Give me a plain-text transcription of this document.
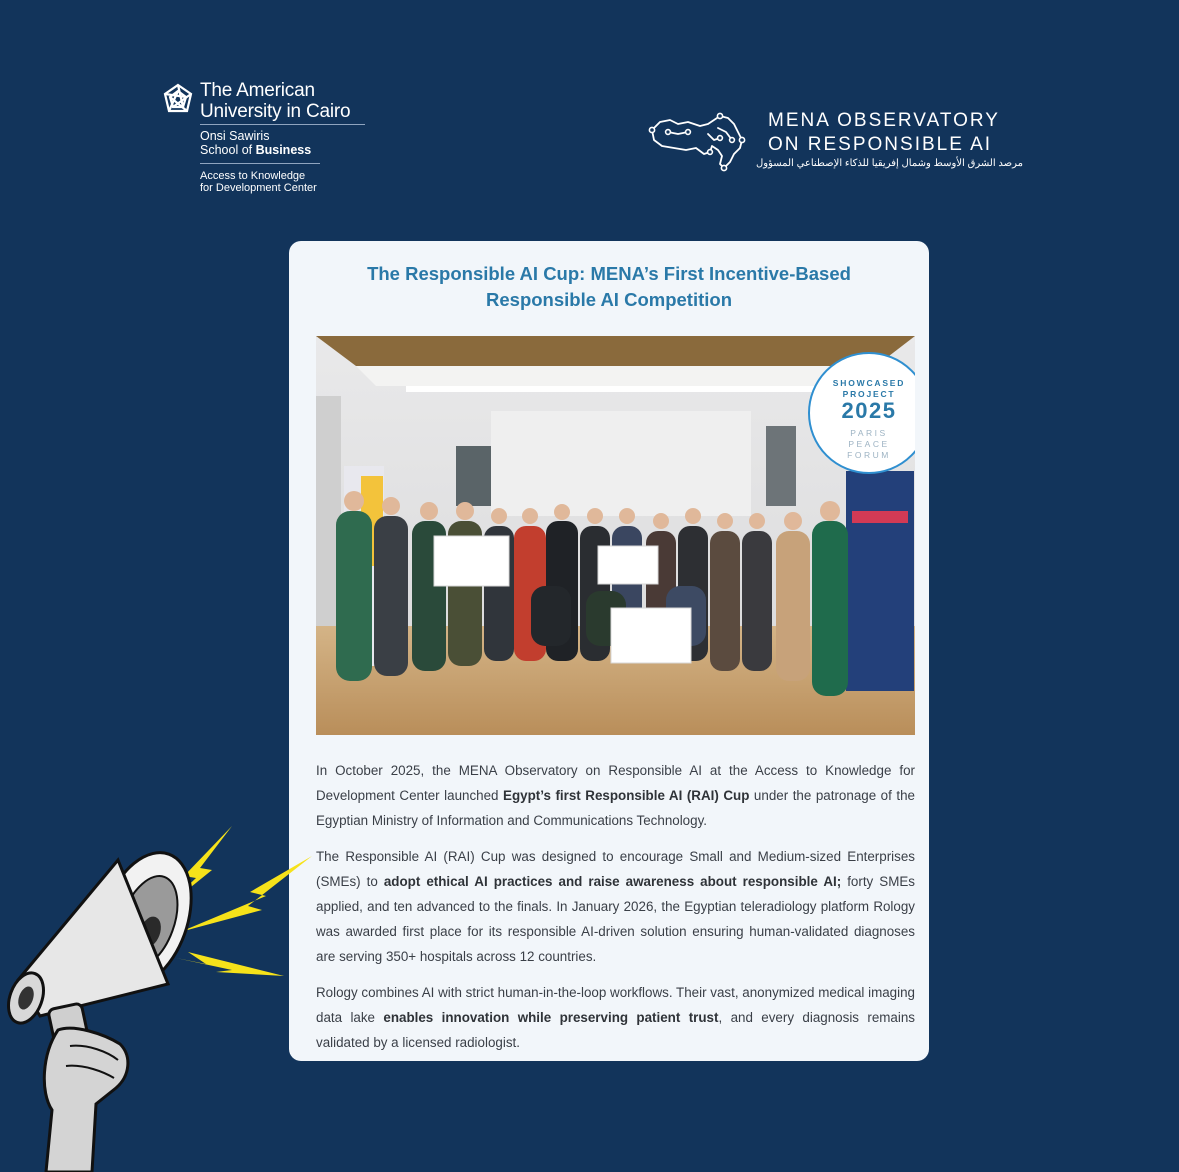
The American
University in Cairo
Onsi Sawiris
School of Business
Access to Knowledge
for Development Center
MENA OBSERVATORY
ON RESPONSIBLE AI
مرصد الشرق الأوسط وشمال إفريقيا للذكاء الإصطناعي المسؤول
The Responsible AI Cup: MENA’s First Incentive-Based Responsible AI Competition
SHOWCASED PROJECT
2025
PARIS PEACE FORUM

In October 2025, the MENA Observatory on Responsible AI at the Access to Knowledge for Development Center launched Egypt’s first Responsible AI (RAI) Cup under the patronage of the Egyptian Ministry of Information and Communications Technology.

The Responsible AI (RAI) Cup was designed to encourage Small and Medium-sized Enterprises (SMEs) to adopt ethical AI practices and raise awareness about responsible AI; forty SMEs applied, and ten advanced to the finals. In January 2026, the Egyptian teleradiology platform Rology was awarded first place for its responsible AI-driven solution ensuring human-validated diagnoses are serving 350+ hospitals across 12 countries.

Rology combines AI with strict human-in-the-loop workflows. Their vast, anonymized medical imaging data lake enables innovation while preserving patient trust, and every diagnosis remains validated by a licensed radiologist.
